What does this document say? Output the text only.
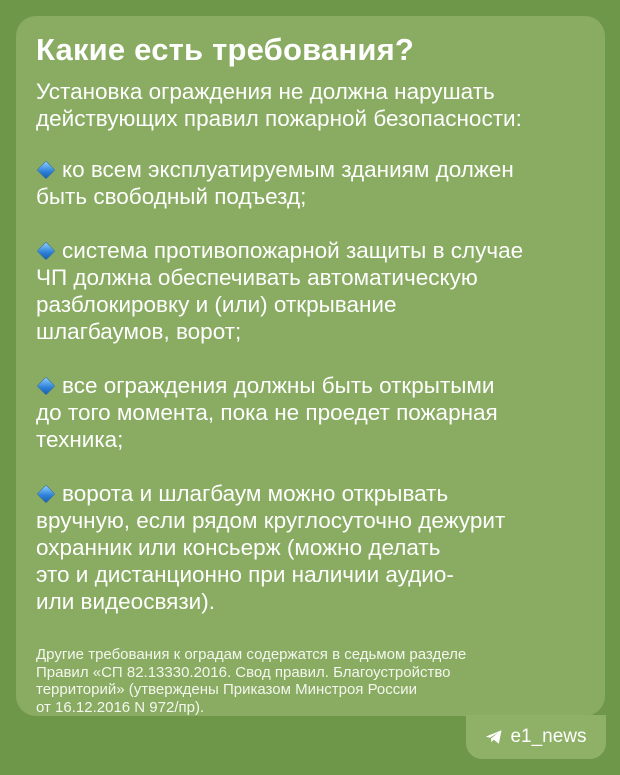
Какие есть требования?

Установка ограждения не должна нарушать
действующих правил пожарной безопасности:

ко всем эксплуатируемым зданиям должен
быть свободный подъезд;
система противопожарной защиты в случае
ЧП должна обеспечивать автоматическую
разблокировку и (или) открывание
шлагбаумов, ворот;
все ограждения должны быть открытыми
до того момента, пока не проедет пожарная
техника;
ворота и шлагбаум можно открывать
вручную, если рядом круглосуточно дежурит
охранник или консьерж (можно делать
это и дистанционно при наличии аудио-
или видеосвязи).

Другие требования к оградам содержатся в седьмом разделе
Правил «СП 82.13330.2016. Свод правил. Благоустройство
территорий» (утверждены Приказом Минстроя России
от 16.12.2016 N 972/пр).

e1_news
